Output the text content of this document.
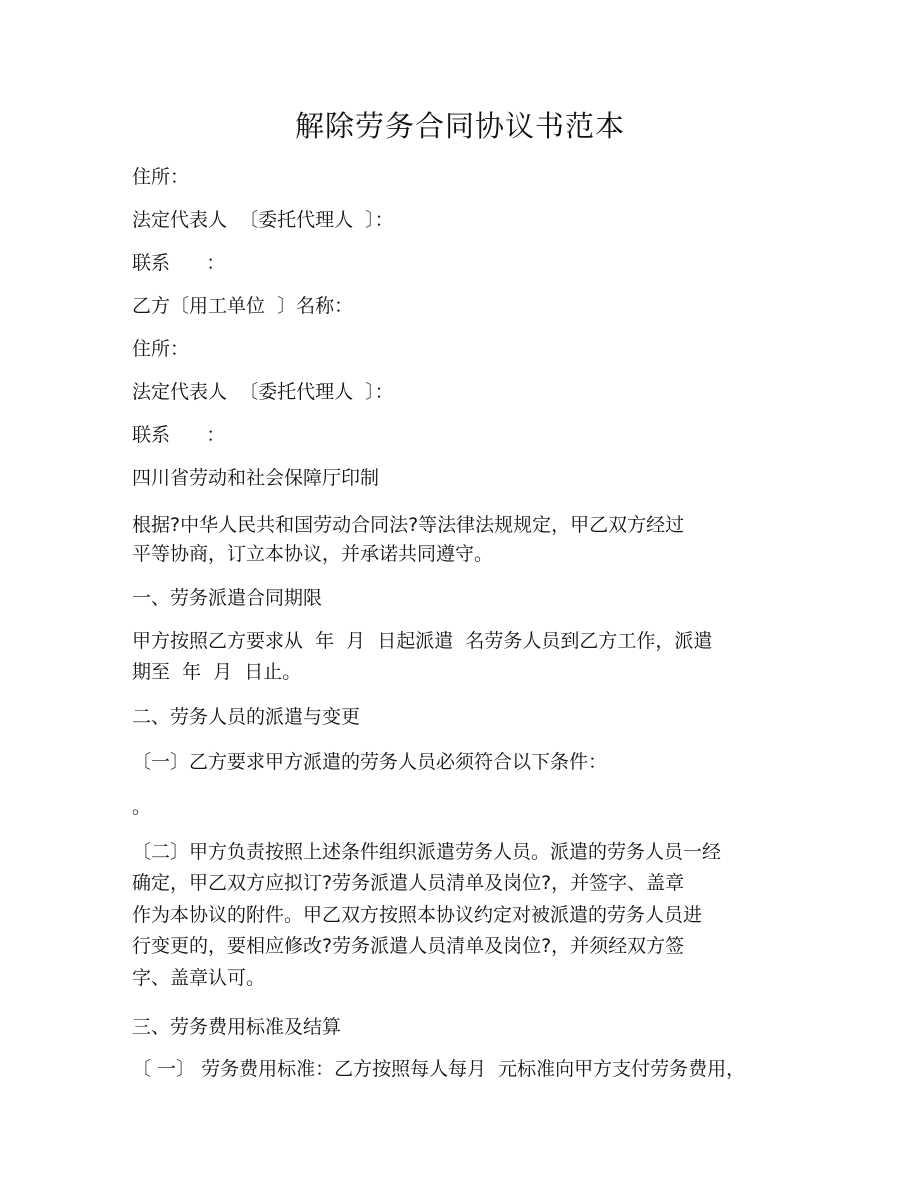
解除劳务合同协议书范本
住所：
法定代表人  〔委托代理人  〕：
联系      ：
乙方〔用工单位  〕名称：
住所：
法定代表人  〔委托代理人  〕：
联系      ：
四川省劳动和社会保障厅印制
根据?中华人民共和国劳动合同法?等法律法规规定，甲乙双方经过
平等协商，订立本协议，并承诺共同遵守。
一、劳务派遣合同期限
甲方按照乙方要求从  年  月  日起派遣  名劳务人员到乙方工作，派遣
期至  年  月  日止。
二、劳务人员的派遣与变更
〔一〕乙方要求甲方派遣的劳务人员必须符合以下条件：
。
〔二〕甲方负责按照上述条件组织派遣劳务人员。派遣的劳务人员一经
确定，甲乙双方应拟订?劳务派遣人员清单及岗位?，并签字、盖章
作为本协议的附件。甲乙双方按照本协议约定对被派遣的劳务人员进
行变更的，要相应修改?劳务派遣人员清单及岗位?，并须经双方签
字、盖章认可。
三、劳务费用标准及结算
〔 一〕 劳务费用标准：乙方按照每人每月  元标准向甲方支付劳务费用，
